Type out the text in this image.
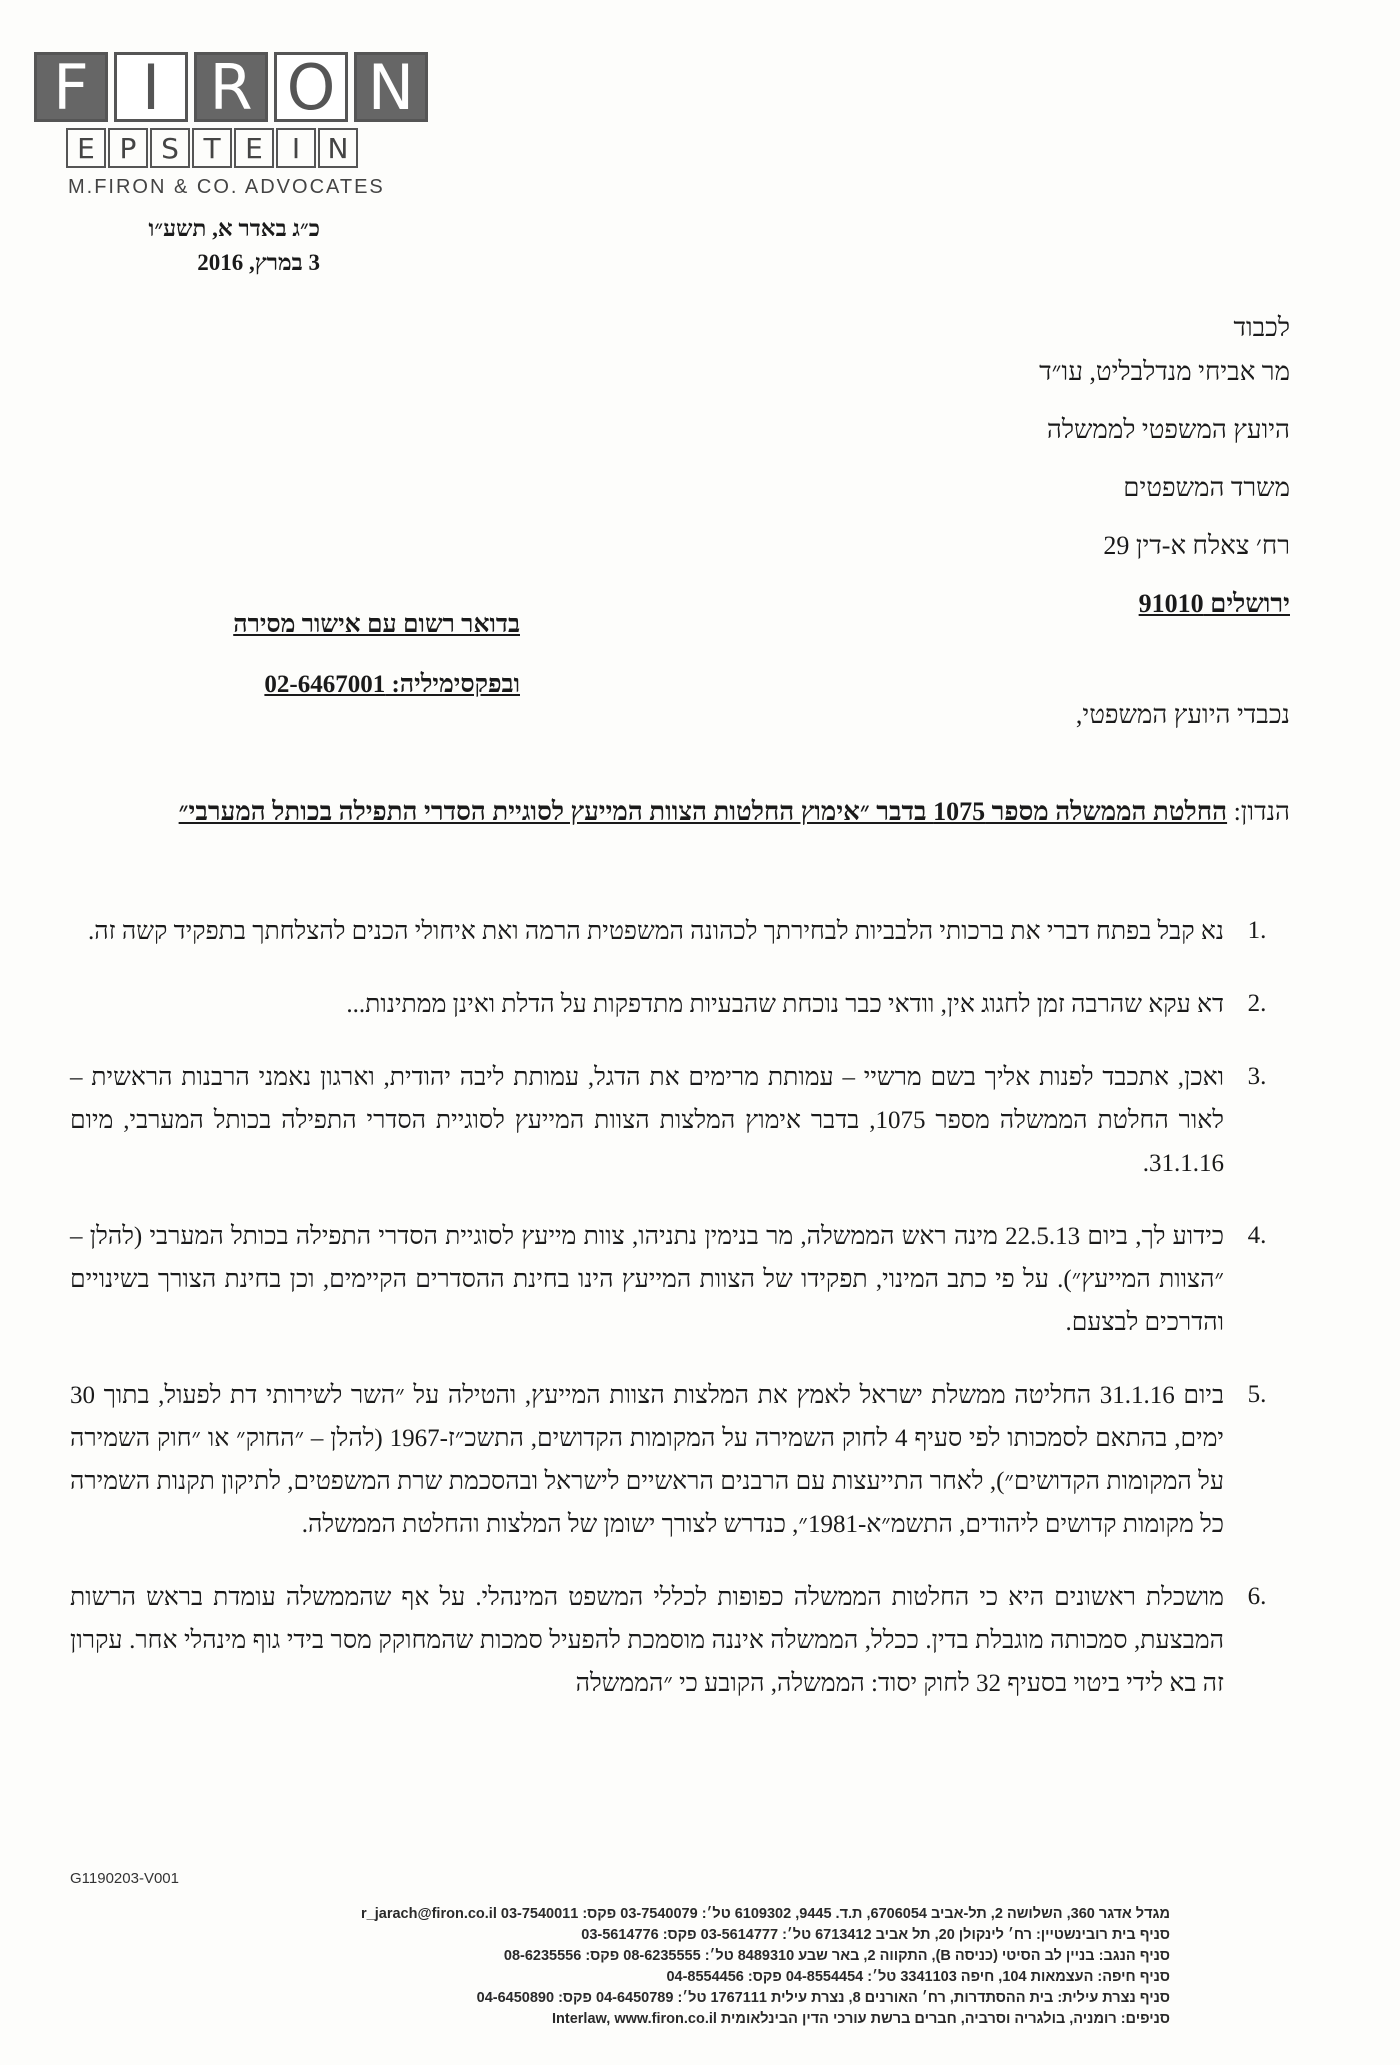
F I R O N
E P S T E	I N
M.FIRON & CO. ADVOCATES
כ״ג באדר א, תשע״ו
3 במרץ, 2016
לכבוד
מר אביחי מנדלבליט, עו״ד
היועץ המשפטי לממשלה
משרד המשפטים
רח׳ צאלח א-דין 29
ירושלים 91010
בדואר רשום עם אישור מסירה
ובפקסימיליה: 02-6467001
נכבדי היועץ המשפטי,
הנדון: החלטת הממשלה מספר 1075 בדבר ״אימוץ החלטות הצוות המייעץ לסוגיית הסדרי התפילה בכותל המערבי״
1.
נא קבל בפתח דברי את ברכותי הלבביות לבחירתך לכהונה המשפטית הרמה ואת איחולי הכנים להצלחתך בתפקיד קשה זה.
2.
דא עקא שהרבה זמן לחגוג אין, וודאי כבר נוכחת שהבעיות מתדפקות על הדלת ואינן ממתינות...
3.
ואכן, אתכבד לפנות אליך בשם מרשיי – עמותת מרימים את הדגל, עמותת ליבה יהודית, וארגון נאמני הרבנות הראשית – לאור החלטת הממשלה מספר 1075, בדבר אימוץ המלצות הצוות המייעץ לסוגיית הסדרי התפילה בכותל המערבי, מיום 31.1.16.
4.
כידוע לך, ביום 22.5.13 מינה ראש הממשלה, מר בנימין נתניהו, צוות מייעץ לסוגיית הסדרי התפילה בכותל המערבי (להלן – ״הצוות המייעץ״). על פי כתב המינוי, תפקידו של הצוות המייעץ הינו בחינת ההסדרים הקיימים, וכן בחינת הצורך בשינויים והדרכים לבצעם.
5.
ביום 31.1.16 החליטה ממשלת ישראל לאמץ את המלצות הצוות המייעץ, והטילה על ״השר לשירותי דת לפעול, בתוך 30 ימים, בהתאם לסמכותו לפי סעיף 4 לחוק השמירה על המקומות הקדושים, התשכ״ז-1967 (להלן – ״החוק״ או ״חוק השמירה על המקומות הקדושים״), לאחר התייעצות עם הרבנים הראשיים לישראל ובהסכמת שרת המשפטים, לתיקון תקנות השמירה כל מקומות קדושים ליהודים, התשמ״א-1981״, כנדרש לצורך ישומן של המלצות והחלטת הממשלה.
6.
מושכלת ראשונים היא כי החלטות הממשלה כפופות לכללי המשפט המינהלי. על אף שהממשלה עומדת בראש הרשות המבצעת, סמכותה מוגבלת בדין. ככלל, הממשלה איננה מוסמכת להפעיל סמכות שהמחוקק מסר בידי גוף מינהלי אחר. עקרון זה בא לידי ביטוי בסעיף 32 לחוק יסוד: הממשלה, הקובע כי ״הממשלה
G1190203-V001
מגדל אדגר 360, השלושה 2, תל-אביב 6706054, ת.ד. 9445, 6109302 טל׳: 03-7540079 פקס: 03-7540011 r_jarach@firon.co.il
סניף בית רובינשטיין: רח׳ לינקולן 20, תל אביב 6713412 טל׳: 03-5614777 פקס: 03-5614776
סניף הנגב: בניין לב הסיטי (כניסה B), התקווה 2, באר שבע 8489310 טל׳: 08-6235555 פקס: 08-6235556
סניף חיפה: העצמאות 104, חיפה 3341103 טל׳: 04-8554454 פקס: 04-8554456
סניף נצרת עילית: בית ההסתדרות, רח׳ האורנים 8, נצרת עילית 1767111 טל׳: 04-6450789 פקס: 04-6450890
סניפים: רומניה, בולגריה וסרביה, חברים ברשת עורכי הדין הבינלאומית Interlaw, www.firon.co.il
